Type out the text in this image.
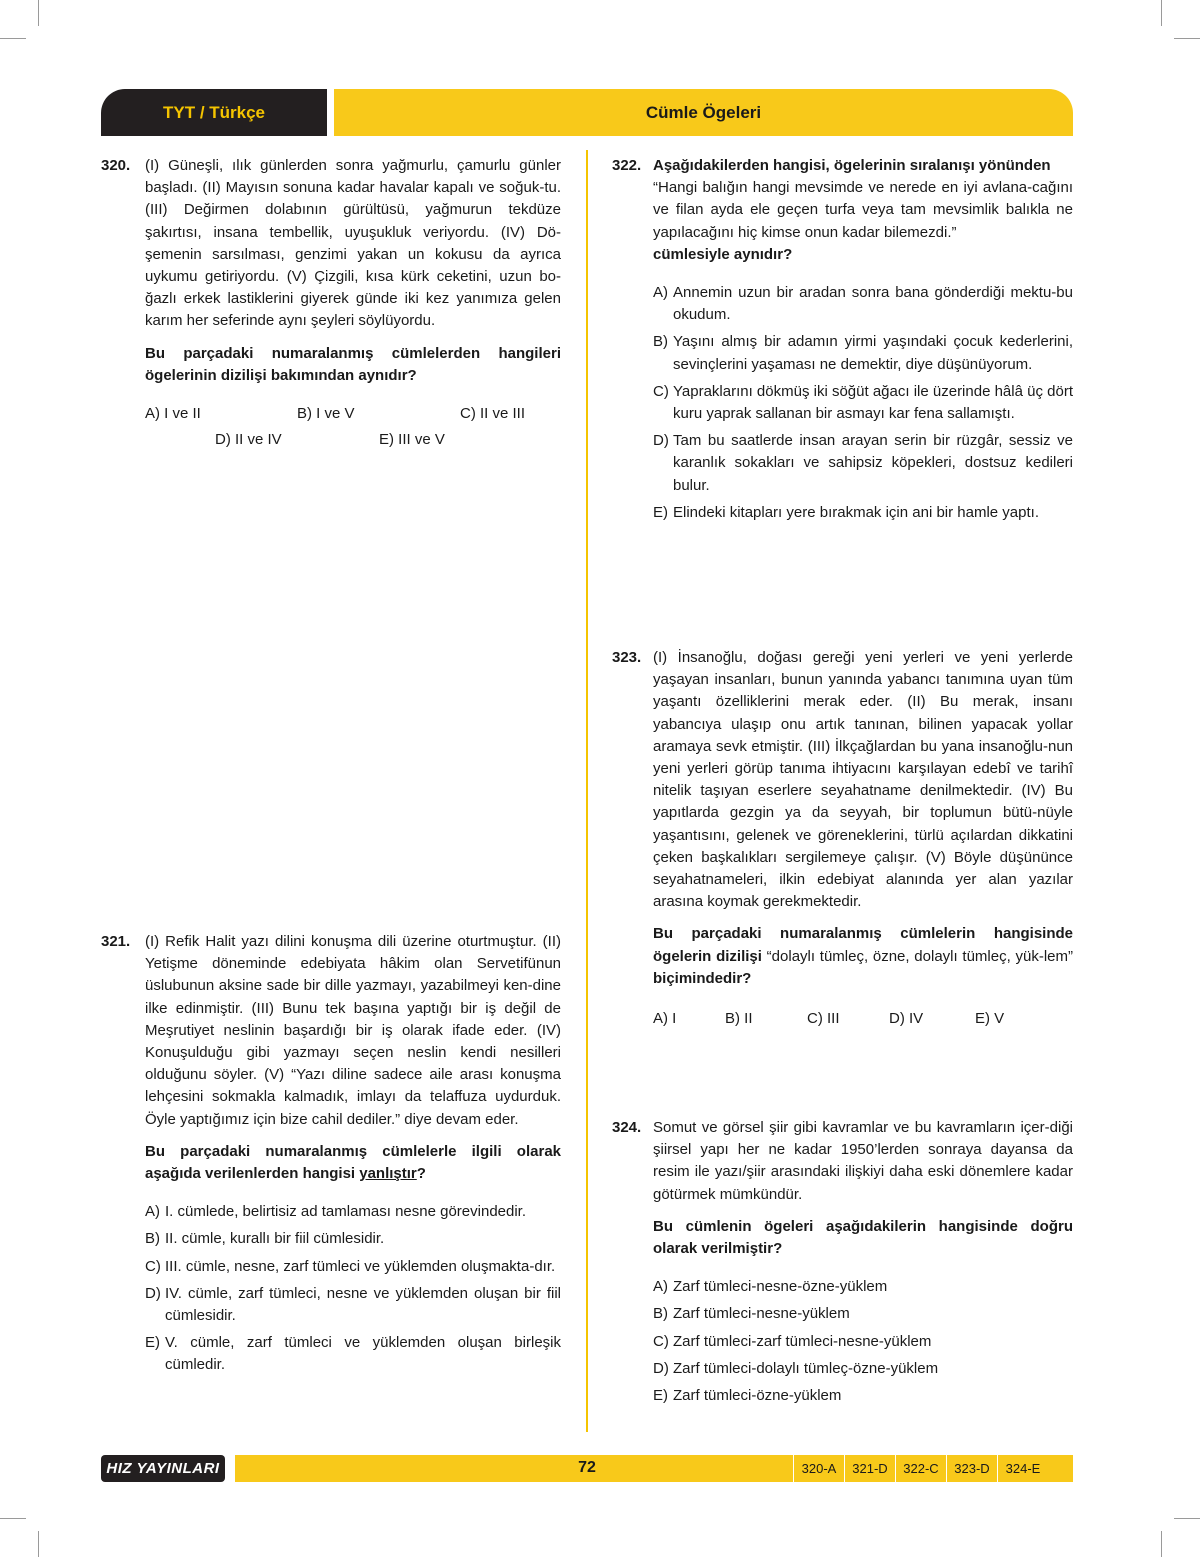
TYT / Türkçe	Cümle Ögeleri
320. (I) Güneşli, ılık günlerden sonra yağmurlu, çamurlu günler başladı. (II) Mayısın sonuna kadar havalar kapalı ve soğuk-tu. (III) Değirmen dolabının gürültüsü, yağmurun tekdüze şakırtısı, insana tembellik, uyuşukluk veriyordu. (IV) Dö-şemenin sarsılması, genzimi yakan un kokusu da ayrıca uykumu getiriyordu. (V) Çizgili, kısa kürk ceketini, uzun bo-ğazlı erkek lastiklerini giyerek günde iki kez yanımıza gelen karım her seferinde aynı şeyleri söylüyordu.
Bu parçadaki numaralanmış cümlelerden hangileri ögelerinin dizilişi bakımından aynıdır?
A) I ve II	B) I ve V	C) II ve III
D) II ve IV	E) III ve V
321. (I) Refik Halit yazı dilini konuşma dili üzerine oturtmuştur. (II) Yetişme döneminde edebiyata hâkim olan Servetifünun üslubunun aksine sade bir dille yazmayı, yazabilmeyi ken-dine ilke edinmiştir. (III) Bunu tek başına yaptığı bir iş değil de Meşrutiyet neslinin başardığı bir iş olarak ifade eder. (IV) Konuşulduğu gibi yazmayı seçen neslin kendi nesilleri olduğunu söyler. (V) “Yazı diline sadece aile arası konuşma lehçesini sokmakla kalmadık, imlayı da telaffuza uydurduk. Öyle yaptığımız için bize cahil dediler.” diye devam eder.
Bu parçadaki numaralanmış cümlelerle ilgili olarak aşağıda verilenlerden hangisi yanlıştır?
A) I. cümlede, belirtisiz ad tamlaması nesne görevindedir.
B) II. cümle, kurallı bir fiil cümlesidir.
C) III. cümle, nesne, zarf tümleci ve yüklemden oluşmakta-dır.
D) IV. cümle, zarf tümleci, nesne ve yüklemden oluşan bir fiil cümlesidir.
E) V. cümle, zarf tümleci ve yüklemden oluşan birleşik cümledir.
322. Aşağıdakilerden hangisi, ögelerinin sıralanışı yönünden
“Hangi balığın hangi mevsimde ve nerede en iyi avlana-cağını ve filan ayda ele geçen turfa veya tam mevsimlik balıkla ne yapılacağını hiç kimse onun kadar bilemezdi.”
cümlesiyle aynıdır?
A) Annemin uzun bir aradan sonra bana gönderdiği mektu-bu okudum.
B) Yaşını almış bir adamın yirmi yaşındaki çocuk kederlerini, sevinçlerini yaşaması ne demektir, diye düşünüyorum.
C) Yapraklarını dökmüş iki söğüt ağacı ile üzerinde hâlâ üç dört kuru yaprak sallanan bir asmayı kar fena sallamıştı.
D) Tam bu saatlerde insan arayan serin bir rüzgâr, sessiz ve karanlık sokakları ve sahipsiz köpekleri, dostsuz kedileri bulur.
E) Elindeki kitapları yere bırakmak için ani bir hamle yaptı.
323. (I) İnsanoğlu, doğası gereği yeni yerleri ve yeni yerlerde yaşayan insanları, bunun yanında yabancı tanımına uyan tüm yaşantı özelliklerini merak eder. (II) Bu merak, insanı yabancıya ulaşıp onu artık tanınan, bilinen yapacak yollar aramaya sevk etmiştir. (III) İlkçağlardan bu yana insanoğlu-nun yeni yerleri görüp tanıma ihtiyacını karşılayan edebî ve tarihî nitelik taşıyan eserlere seyahatname denilmektedir. (IV) Bu yapıtlarda gezgin ya da seyyah, bir toplumun bütü-nüyle yaşantısını, gelenek ve göreneklerini, türlü açılardan dikkatini çeken başkalıkları sergilemeye çalışır. (V) Böyle düşününce seyahatnameleri, ilkin edebiyat alanında yer alan yazılar arasına koymak gerekmektedir.
Bu parçadaki numaralanmış cümlelerin hangisinde ögelerin dizilişi “dolaylı tümleç, özne, dolaylı tümleç, yük-lem” biçimindedir?
A) I	B) II	C) III	D) IV	E) V
324. Somut ve görsel şiir gibi kavramlar ve bu kavramların içer-diği şiirsel yapı her ne kadar 1950’lerden sonraya dayansa da resim ile yazı/şiir arasındaki ilişkiyi daha eski dönemlere kadar götürmek mümkündür.
Bu cümlenin ögeleri aşağıdakilerin hangisinde doğru olarak verilmiştir?
A) Zarf tümleci-nesne-özne-yüklem
B) Zarf tümleci-nesne-yüklem
C) Zarf tümleci-zarf tümleci-nesne-yüklem
D) Zarf tümleci-dolaylı tümleç-özne-yüklem
E) Zarf tümleci-özne-yüklem
HIZ YAYINLARI	72	320-A	321-D	322-C	323-D	324-E
